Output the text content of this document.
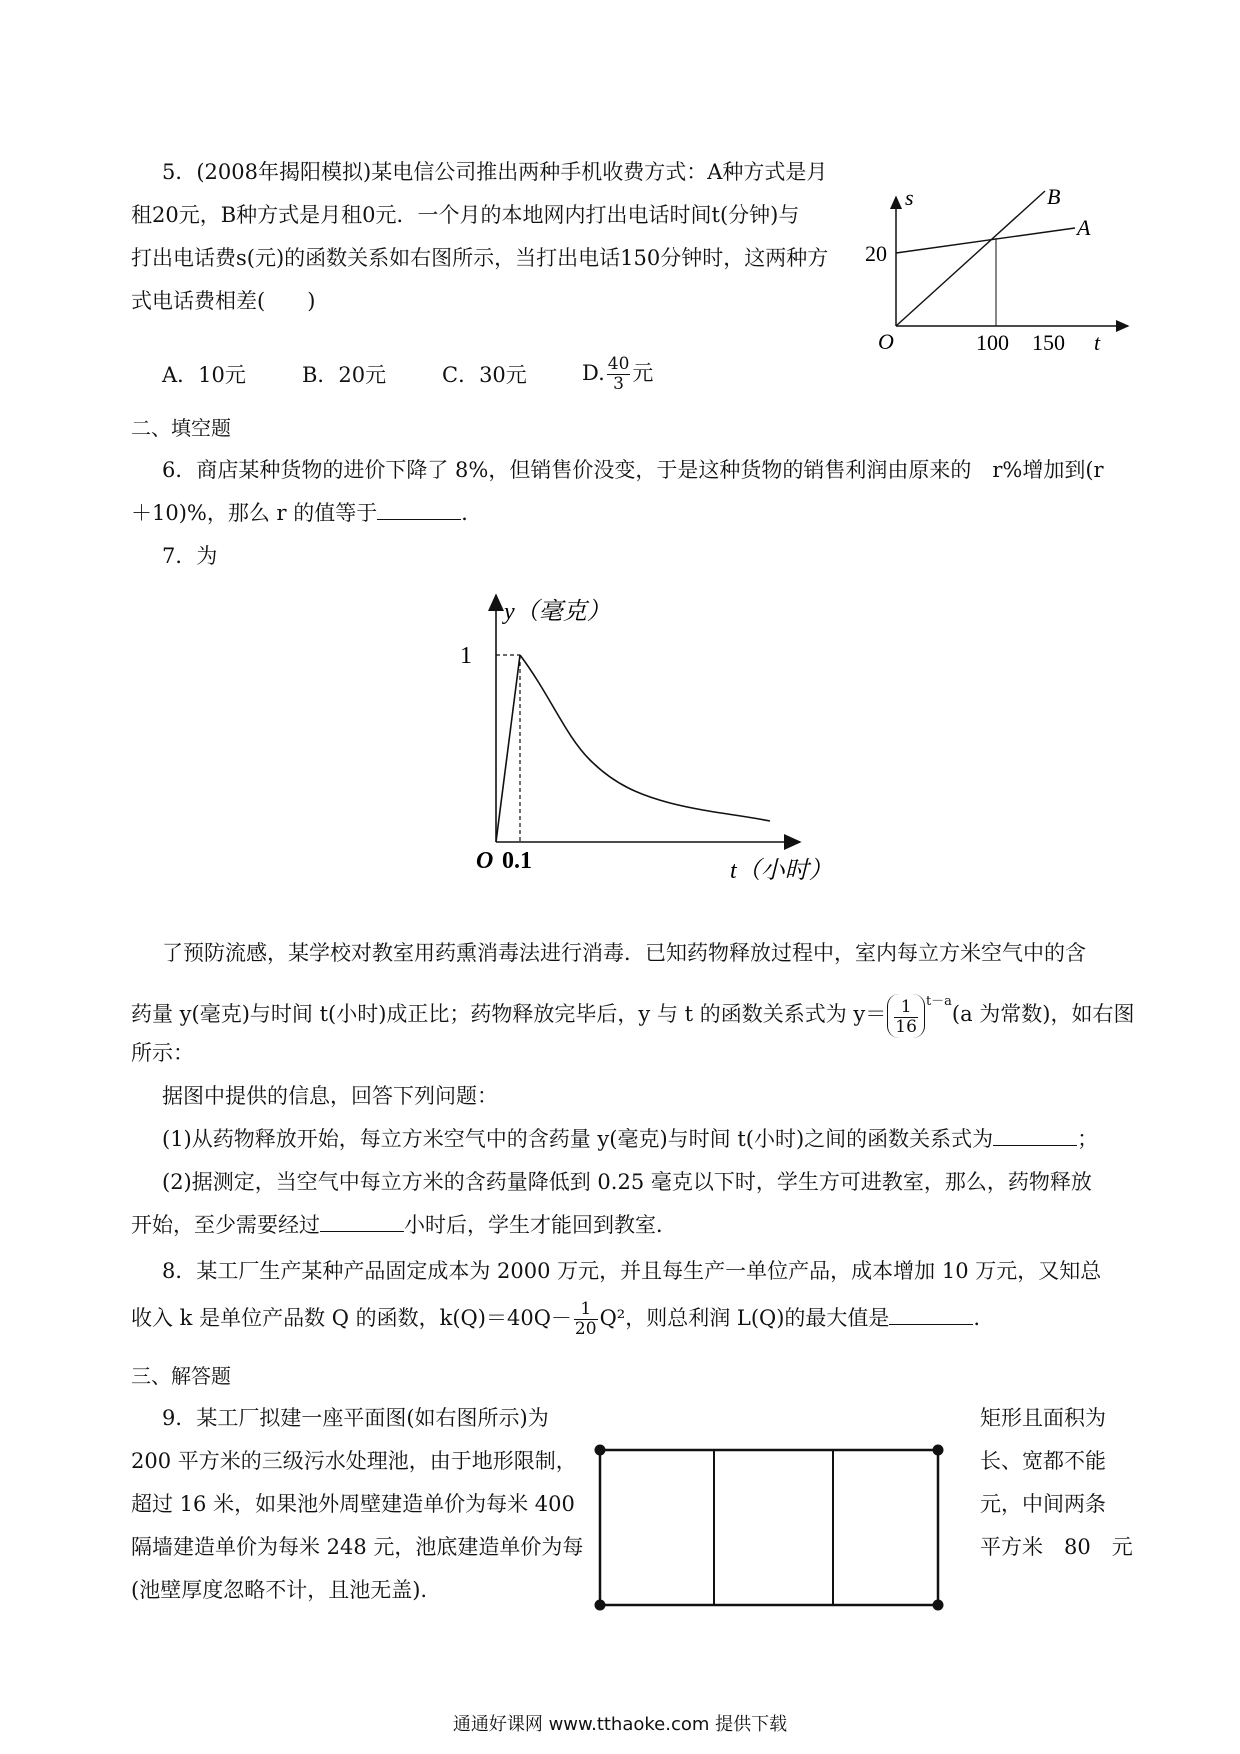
5．(2008年揭阳模拟)某电信公司推出两种手机收费方式：A种方式是月
租20元，B种方式是月租0元．一个月的本地网内打出电话时间t(分钟)与
打出电话费s(元)的函数关系如右图所示，当打出电话150分钟时，这两种方
式电话费相差(　　)
A．10元	B．20元	C．30元	D. $\frac{40}{3}$ 元
s
20
O	100 150 t
B
A
二、填空题
6．商店某种货物的进价下降了 8%，但销售价没变，于是这种货物的销售利润由原来的　r%增加到(r
＋10)%，那么 r 的值等于	．
7．为
y（毫克）
1
O 0.1	t（小时）
了预防流感，某学校对教室用药熏消毒法进行消毒．已知药物释放过程中，室内每立方米空气中的含
药量 y(毫克)与时间 t(小时)成正比；药物释放完毕后，y 与 t 的函数关系式为 $y= \frac{1}{16} ^{t-a}(a$ 为常数)，如右图
所示：
据图中提供的信息，回答下列问题：
(1)从药物释放开始，每立方米空气中的含药量 y(毫克)与时间 t(小时)之间的函数关系式为	；
(2)据测定，当空气中每立方米的含药量降低到 0.25 毫克以下时，学生方可进教室，那么，药物释放
开始，至少需要经过	小时后，学生才能回到教室．
8．某工厂生产某种产品固定成本为 2000 万元，并且每生产一单位产品，成本增加 10 万元，又知总
收入 k 是单位产品数 Q 的函数，$k(Q)=40Q- \frac{1}{20} Q^2$，则总利润 L(Q)的最大值是	.
三、解答题
9．某工厂拟建一座平面图(如右图所示)为
200 平方米的三级污水处理池，由于地形限制，
超过 16 米，如果池外周壁建造单价为每米 400
隔墙建造单价为每米 248 元，池底建造单价为每
(池壁厚度忽略不计，且池无盖).
矩形且面积为
长、宽都不能
元，中间两条
平方米　80　元
通通好课网 www.tthaoke.com 提供下载
